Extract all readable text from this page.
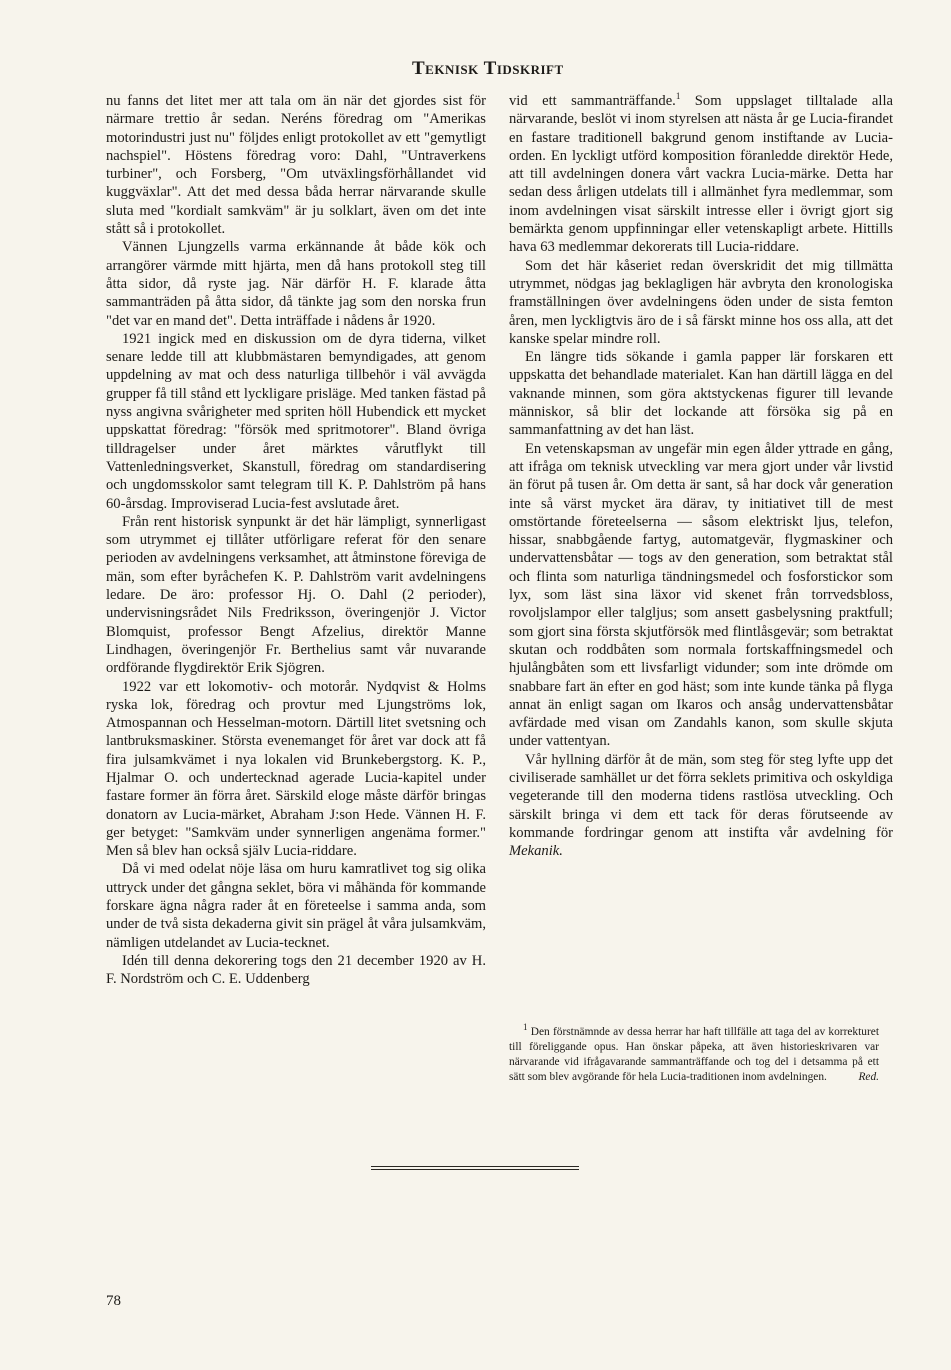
Teknisk Tidskrift

nu fanns det litet mer att tala om än när det gjordes sist för närmare trettio år sedan. Neréns föredrag om "Amerikas motorindustri just nu" följdes enligt protokollet av ett "gemytligt nachspiel". Höstens föredrag voro: Dahl, "Untraverkens turbiner", och Forsberg, "Om utväxlingsförhållandet vid kuggväxlar". Att det med dessa båda herrar närvarande skulle sluta med "kordialt samkväm" är ju solklart, även om det inte stått så i protokollet.

Vännen Ljungzells varma erkännande åt både kök och arrangörer värmde mitt hjärta, men då hans protokoll steg till åtta sidor, då ryste jag. När därför H. F. klarade åtta sammanträden på åtta sidor, då tänkte jag som den norska frun "det var en mand det". Detta inträffade i nådens år 1920.

1921 ingick med en diskussion om de dyra tiderna, vilket senare ledde till att klubbmästaren bemyndigades, att genom uppdelning av mat och dess naturliga tillbehör i väl avvägda grupper få till stånd ett lyckligare prisläge. Med tanken fästad på nyss angivna svårigheter med spriten höll Hubendick ett mycket uppskattat föredrag: "försök med spritmotorer". Bland övriga tilldragelser under året märktes vårutflykt till Vattenledningsverket, Skanstull, föredrag om standardisering och ungdomsskolor samt telegram till K. P. Dahlström på hans 60-årsdag. Improviserad Lucia-fest avslutade året.

Från rent historisk synpunkt är det här lämpligt, synnerligast som utrymmet ej tillåter utförligare referat för den senare perioden av avdelningens verksamhet, att åtminstone föreviga de män, som efter byråchefen K. P. Dahlström varit avdelningens ledare. De äro: professor Hj. O. Dahl (2 perioder), undervisningsrådet Nils Fredriksson, överingenjör J. Victor Blomquist, professor Bengt Afzelius, direktör Manne Lindhagen, överingenjör Fr. Berthelius samt vår nuvarande ordförande flygdirektör Erik Sjögren.

1922 var ett lokomotiv- och motorår. Nydqvist & Holms ryska lok, föredrag och provtur med Ljungströms lok, Atmospannan och Hesselman-motorn. Därtill litet svetsning och lantbruksmaskiner. Största evenemanget för året var dock att få fira julsamkvämet i nya lokalen vid Brunkebergstorg. K. P., Hjalmar O. och undertecknad agerade Lucia-kapitel under fastare former än förra året. Särskild eloge måste därför bringas donatorn av Lucia-märket, Abraham J:son Hede. Vännen H. F. ger betyget: "Samkväm under synnerligen angenäma former." Men så blev han också själv Lucia-riddare.

Då vi med odelat nöje läsa om huru kamratlivet tog sig olika uttryck under det gångna seklet, böra vi måhända för kommande forskare ägna några rader åt en företeelse i samma anda, som under de två sista dekaderna givit sin prägel åt våra julsamkväm, nämligen utdelandet av Lucia-tecknet.

Idén till denna dekorering togs den 21 december 1920 av H. F. Nordström och C. E. Uddenberg

vid ett sammanträffande.$^1$ Som uppslaget tilltalade alla närvarande, beslöt vi inom styrelsen att nästa år ge Lucia-firandet en fastare traditionell bakgrund genom instiftande av Lucia-orden. En lyckligt utförd komposition föranledde direktör Hede, att till avdelningen donera vårt vackra Lucia-märke. Detta har sedan dess årligen utdelats till i allmänhet fyra medlemmar, som inom avdelningen visat särskilt intresse eller i övrigt gjort sig bemärkta genom uppfinningar eller vetenskapligt arbete. Hittills hava 63 medlemmar dekorerats till Lucia-riddare.

Som det här kåseriet redan överskridit det mig tillmätta utrymmet, nödgas jag beklagligen här avbryta den kronologiska framställningen över avdelningens öden under de sista femton åren, men lyckligtvis äro de i så färskt minne hos oss alla, att det kanske spelar mindre roll.

En längre tids sökande i gamla papper lär forskaren ett uppskatta det behandlade materialet. Kan han därtill lägga en del vaknande minnen, som göra aktstyckenas figurer till levande människor, så blir det lockande att försöka sig på en sammanfattning av det han läst.

En vetenskapsman av ungefär min egen ålder yttrade en gång, att ifråga om teknisk utveckling var mera gjort under vår livstid än förut på tusen år. Om detta är sant, så har dock vår generation inte så värst mycket ära därav, ty initiativet till de mest omstörtande företeelserna — såsom elektriskt ljus, telefon, hissar, snabbgående fartyg, automatgevär, flygmaskiner och undervattensbåtar — togs av den generation, som betraktat stål och flinta som naturliga tändningsmedel och fosforstickor som lyx, som läst sina läxor vid skenet från torrvedsbloss, rovoljslampor eller talgljus; som ansett gasbelysning praktfull; som gjort sina första skjutförsök med flintlåsgevär; som betraktat skutan och roddbåten som normala fortskaffningsmedel och hjulångbåten som ett livsfarligt vidunder; som inte drömde om snabbare fart än efter en god häst; som inte kunde tänka på flyga annat än enligt sagan om Ikaros och ansåg undervattensbåtar avfärdade med visan om Zandahls kanon, som skulle skjuta under vattentyan.

Vår hyllning därför åt de män, som steg för steg lyfte upp det civiliserade samhället ur det förra seklets primitiva och oskyldiga vegeterande till den moderna tidens rastlösa utveckling. Och särskilt bringa vi dem ett tack för deras förutseende av kommande fordringar genom att instifta vår avdelning för Mekanik.

$^1$ Den förstnämnde av dessa herrar har haft tillfälle att taga del av korrekturet till föreliggande opus. Han önskar påpeka, att även historieskrivaren var närvarande vid ifrågavarande sammanträffande och tog del i detsamma på ett sätt som blev avgörande för hela Lucia-traditionen inom avdelningen.	Red.
78
